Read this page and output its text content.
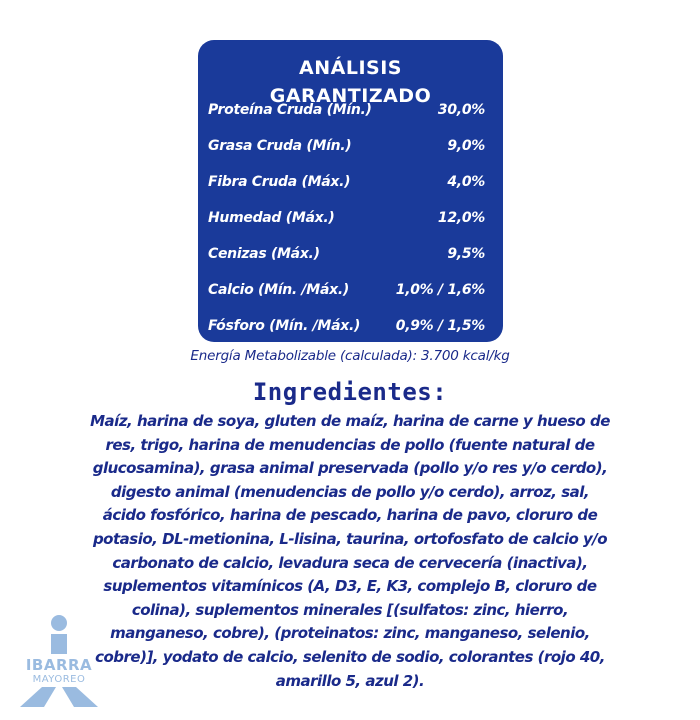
ANÁLISIS GARANTIZADO
Proteína Cruda (Mín.)	30,0%
Grasa Cruda (Mín.)	9,0%
Fibra Cruda (Máx.)	4,0%
Humedad (Máx.)	12,0%
Cenizas (Máx.)	9,5%
Calcio (Mín. /Máx.)	1,0% / 1,6%
Fósforo (Mín. /Máx.)	0,9% / 1,5%
Energía Metabolizable (calculada): 3.700 kcal/kg
Ingredientes:
Maíz, harina de soya, gluten de maíz, harina de carne y hueso de
res, trigo, harina de menudencias de pollo (fuente natural de
glucosamina), grasa animal preservada (pollo y/o res y/o cerdo),
digesto animal (menudencias de pollo y/o cerdo), arroz, sal,
ácido fosfórico, harina de pescado, harina de pavo, cloruro de
potasio, DL-metionina, L-lisina, taurina, ortofosfato de calcio y/o
carbonato de calcio, levadura seca de cervecería (inactiva),
suplementos vitamínicos (A, D3, E, K3, complejo B, cloruro de
colina), suplementos minerales [(sulfatos: zinc, hierro,
manganeso, cobre), (proteinatos: zinc, manganeso, selenio,
cobre)], yodato de calcio, selenito de sodio, colorantes (rojo 40,
amarillo 5, azul 2).
IBARRA
MAYOREO
